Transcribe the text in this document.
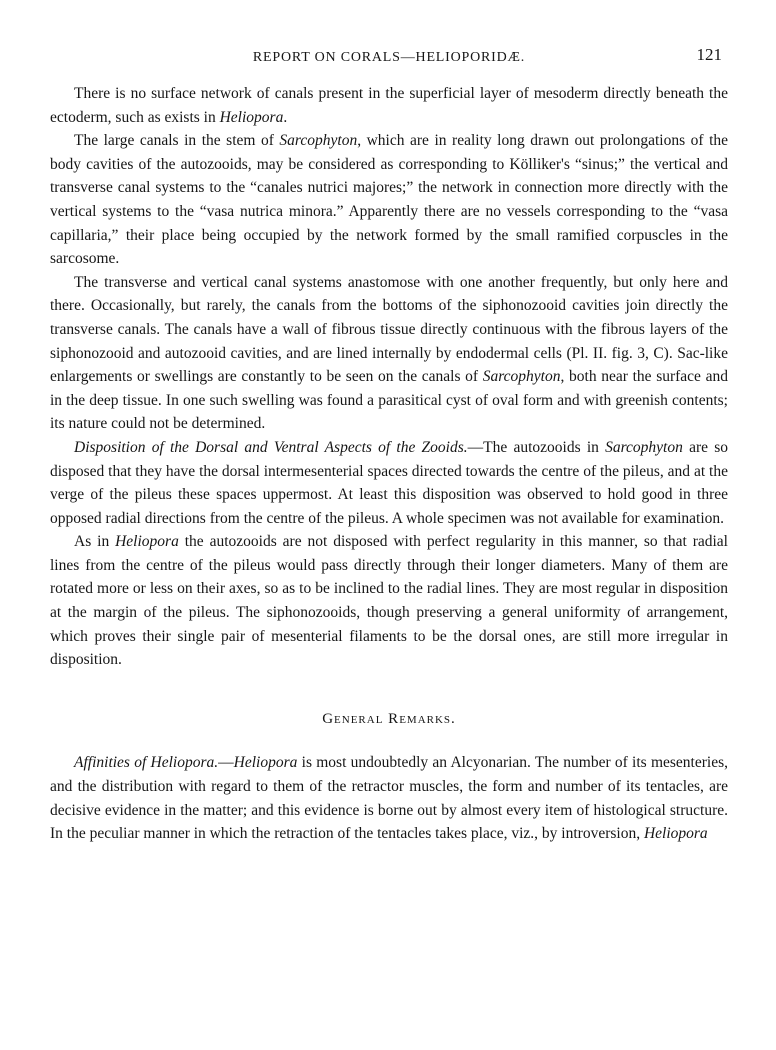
REPORT ON CORALS—HELIOPORIDÆ.	121

There is no surface network of canals present in the superficial layer of mesoderm directly beneath the ectoderm, such as exists in Heliopora.

The large canals in the stem of Sarcophyton, which are in reality long drawn out prolongations of the body cavities of the autozooids, may be considered as corresponding to Kölliker's “sinus;” the vertical and transverse canal systems to the “canales nutrici majores;” the network in connection more directly with the vertical systems to the “vasa nutrica minora.” Apparently there are no vessels corresponding to the “vasa capillaria,” their place being occupied by the network formed by the small ramified corpuscles in the sarcosome.

The transverse and vertical canal systems anastomose with one another frequently, but only here and there. Occasionally, but rarely, the canals from the bottoms of the siphonozooid cavities join directly the transverse canals. The canals have a wall of fibrous tissue directly continuous with the fibrous layers of the siphonozooid and autozooid cavities, and are lined internally by endodermal cells (Pl. II. fig. 3, C). Sac-like enlargements or swellings are constantly to be seen on the canals of Sarcophyton, both near the surface and in the deep tissue. In one such swelling was found a parasitical cyst of oval form and with greenish contents; its nature could not be determined.

Disposition of the Dorsal and Ventral Aspects of the Zooids.—The autozooids in Sarcophyton are so disposed that they have the dorsal intermesenterial spaces directed towards the centre of the pileus, and at the verge of the pileus these spaces uppermost. At least this disposition was observed to hold good in three opposed radial directions from the centre of the pileus. A whole specimen was not available for examination.

As in Heliopora the autozooids are not disposed with perfect regularity in this manner, so that radial lines from the centre of the pileus would pass directly through their longer diameters. Many of them are rotated more or less on their axes, so as to be inclined to the radial lines. They are most regular in disposition at the margin of the pileus. The siphonozooids, though preserving a general uniformity of arrangement, which proves their single pair of mesenterial filaments to be the dorsal ones, are still more irregular in disposition.

General Remarks.

Affinities of Heliopora.—Heliopora is most undoubtedly an Alcyonarian. The number of its mesenteries, and the distribution with regard to them of the retractor muscles, the form and number of its tentacles, are decisive evidence in the matter; and this evidence is borne out by almost every item of histological structure. In the peculiar manner in which the retraction of the tentacles takes place, viz., by introversion, Heliopora
